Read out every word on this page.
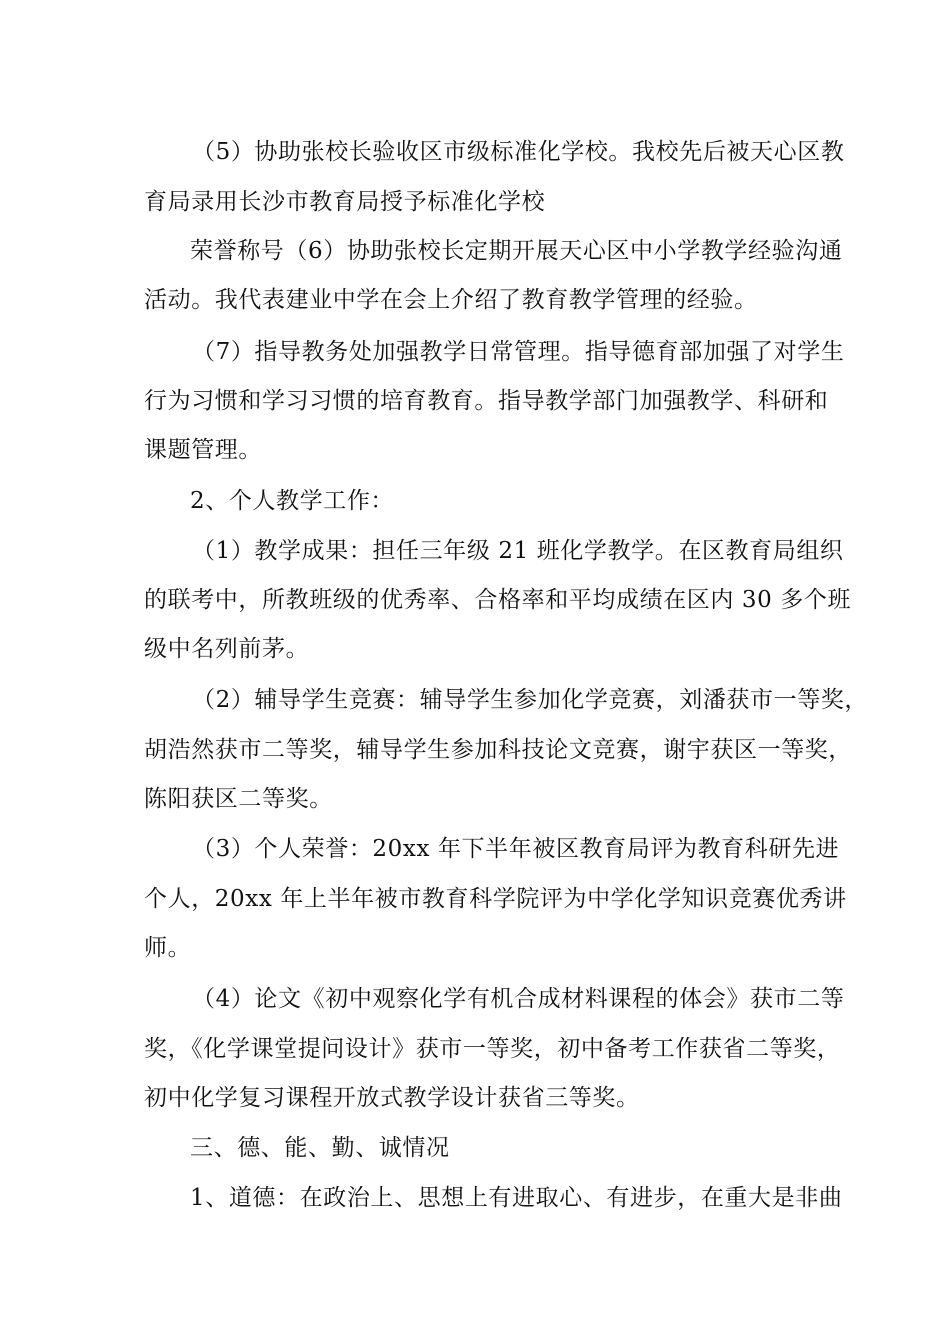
（5）协助张校长验收区市级标准化学校。我校先后被天心区教
育局录用长沙市教育局授予标准化学校
荣誉称号（6）协助张校长定期开展天心区中小学教学经验沟通
活动。我代表建业中学在会上介绍了教育教学管理的经验。
（7）指导教务处加强教学日常管理。指导德育部加强了对学生
行为习惯和学习习惯的培育教育。指导教学部门加强教学、科研和
课题管理。
2、个人教学工作：
（1）教学成果：担任三年级 21 班化学教学。在区教育局组织
的联考中，所教班级的优秀率、合格率和平均成绩在区内 30 多个班
级中名列前茅。
（2）辅导学生竞赛：辅导学生参加化学竞赛，刘潘获市一等奖，
胡浩然获市二等奖，辅导学生参加科技论文竞赛，谢宇获区一等奖，
陈阳获区二等奖。
（3）个人荣誉：20xx 年下半年被区教育局评为教育科研先进
个人，20xx 年上半年被市教育科学院评为中学化学知识竞赛优秀讲
师。
（4）论文《初中观察化学有机合成材料课程的体会》获市二等
奖，《化学课堂提问设计》获市一等奖，初中备考工作获省二等奖，
初中化学复习课程开放式教学设计获省三等奖。
三、德、能、勤、诚情况
1、道德：在政治上、思想上有进取心、有进步，在重大是非曲
